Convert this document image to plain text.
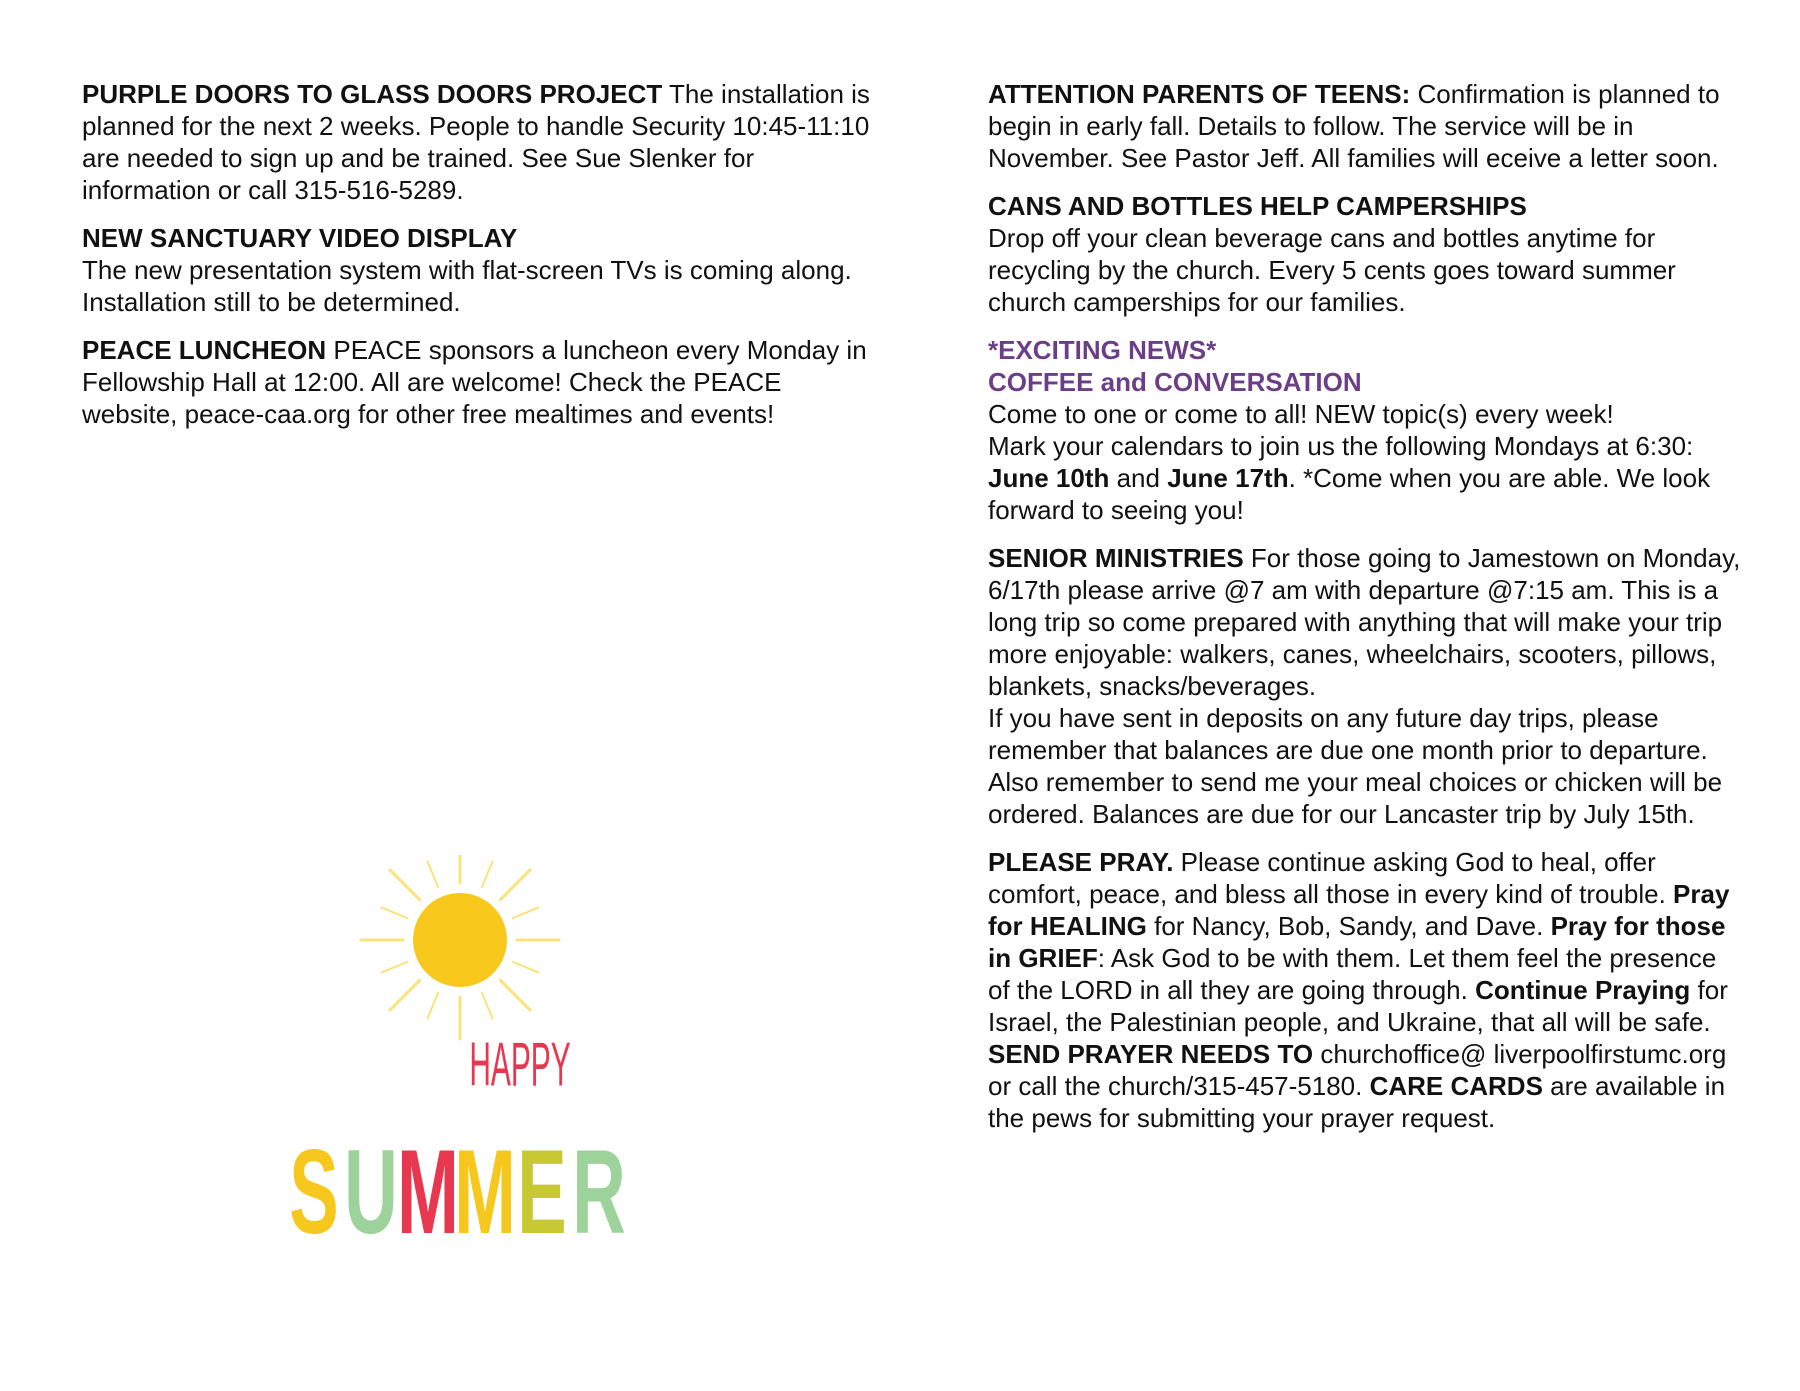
PURPLE DOORS TO GLASS DOORS PROJECT The installation is planned for the next 2 weeks. People to handle Security 10:45-11:10 are needed to sign up and be trained. See Sue Slenker for information or call 315-516-5289.

NEW SANCTUARY VIDEO DISPLAY
The new presentation system with flat-screen TVs is coming along. Installation still to be determined.

PEACE LUNCHEON PEACE sponsors a luncheon every Monday in Fellowship Hall at 12:00. All are welcome! Check the PEACE website, peace-caa.org for other free mealtimes and events!

HAPPY
S U M
M E R

ATTENTION PARENTS OF TEENS: Confirmation is planned to begin in early fall. Details to follow. The service will be in November. See Pastor Jeff. All families will eceive a letter soon.

CANS AND BOTTLES HELP CAMPERSHIPS
Drop off your clean beverage cans and bottles anytime for recycling by the church. Every 5 cents goes toward summer church camperships for our families.

*EXCITING NEWS*
COFFEE and CONVERSATION
Come to one or come to all! NEW topic(s) every week!
Mark your calendars to join us the following Mondays at 6:30:
June 10th and June 17th. *Come when you are able. We look forward to seeing you!

SENIOR MINISTRIES For those going to Jamestown on Monday, 6/17th please arrive @7 am with departure @7:15 am. This is a long trip so come prepared with anything that will make your trip more enjoyable: walkers, canes, wheelchairs, scooters, pillows, blankets, snacks/beverages.
If you have sent in deposits on any future day trips, please remember that balances are due one month prior to departure. Also remember to send me your meal choices or chicken will be ordered. Balances are due for our Lancaster trip by July 15th.

PLEASE PRAY. Please continue asking God to heal, offer comfort, peace, and bless all those in every kind of trouble. Pray for HEALING for Nancy, Bob, Sandy, and Dave. Pray for those in GRIEF: Ask God to be with them. Let them feel the presence of the LORD in all they are going through. Continue Praying for Israel, the Palestinian people, and Ukraine, that all will be safe. SEND PRAYER NEEDS TO churchoffice@ liverpoolfirstumc.org or call the church/315-457-5180. CARE CARDS are available in the pews for submitting your prayer request.
